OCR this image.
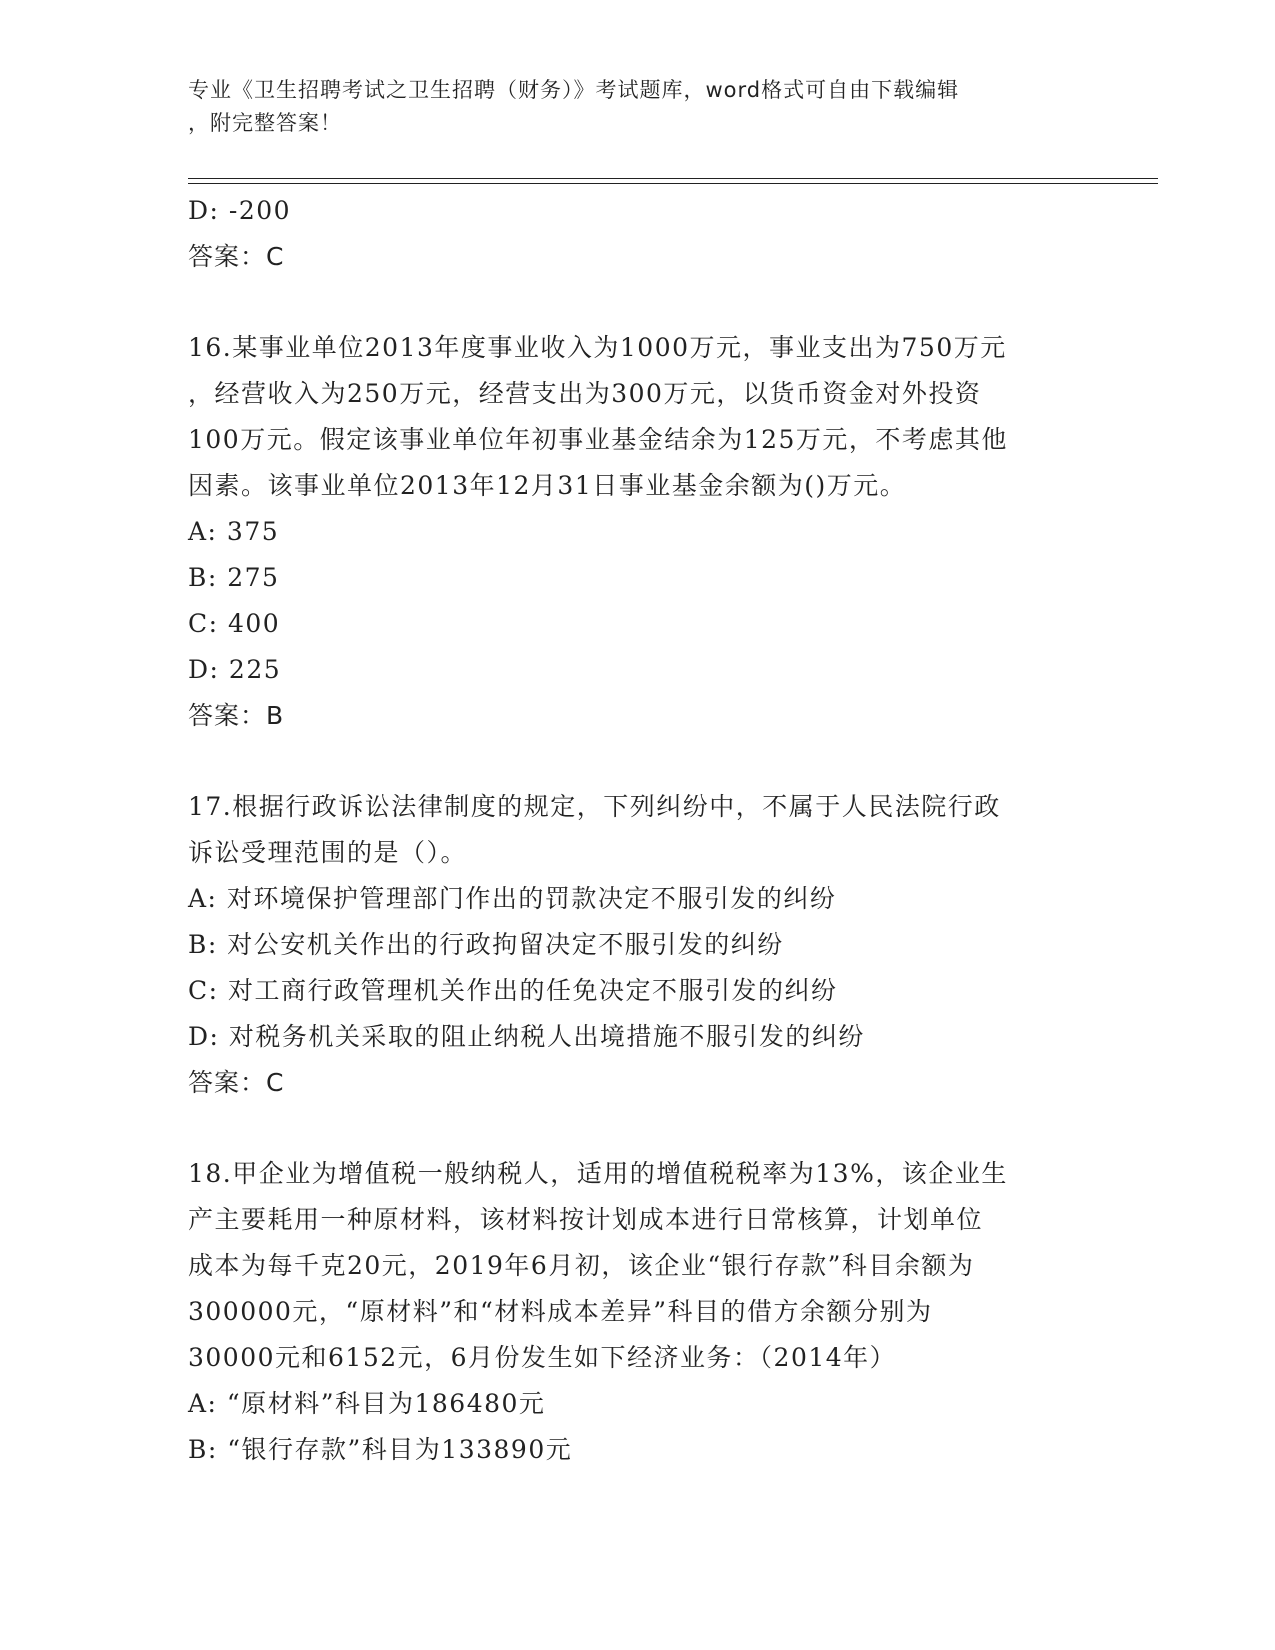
专业《卫生招聘考试之卫生招聘（财务）》考试题库，word格式可自由下载编辑
，附完整答案！
D: -200
答案：C
16.某事业单位2013年度事业收入为1000万元，事业支出为750万元
，经营收入为250万元，经营支出为300万元，以货币资金对外投资
100万元。假定该事业单位年初事业基金结余为125万元，不考虑其他
因素。该事业单位2013年12月31日事业基金余额为()万元。
A: 375
B: 275
C: 400
D: 225
答案：B
17.根据行政诉讼法律制度的规定，下列纠纷中，不属于人民法院行政
诉讼受理范围的是（）。
A: 对环境保护管理部门作出的罚款决定不服引发的纠纷
B: 对公安机关作出的行政拘留决定不服引发的纠纷
C: 对工商行政管理机关作出的任免决定不服引发的纠纷
D: 对税务机关采取的阻止纳税人出境措施不服引发的纠纷
答案：C
18.甲企业为增值税一般纳税人，适用的增值税税率为13%，该企业生
产主要耗用一种原材料，该材料按计划成本进行日常核算，计划单位
成本为每千克20元，2019年6月初，该企业“银行存款”科目余额为
300000元，“原材料”和“材料成本差异”科目的借方余额分别为
30000元和6152元，6月份发生如下经济业务：（2014年）
A: “原材料”科目为186480元
B: “银行存款”科目为133890元
